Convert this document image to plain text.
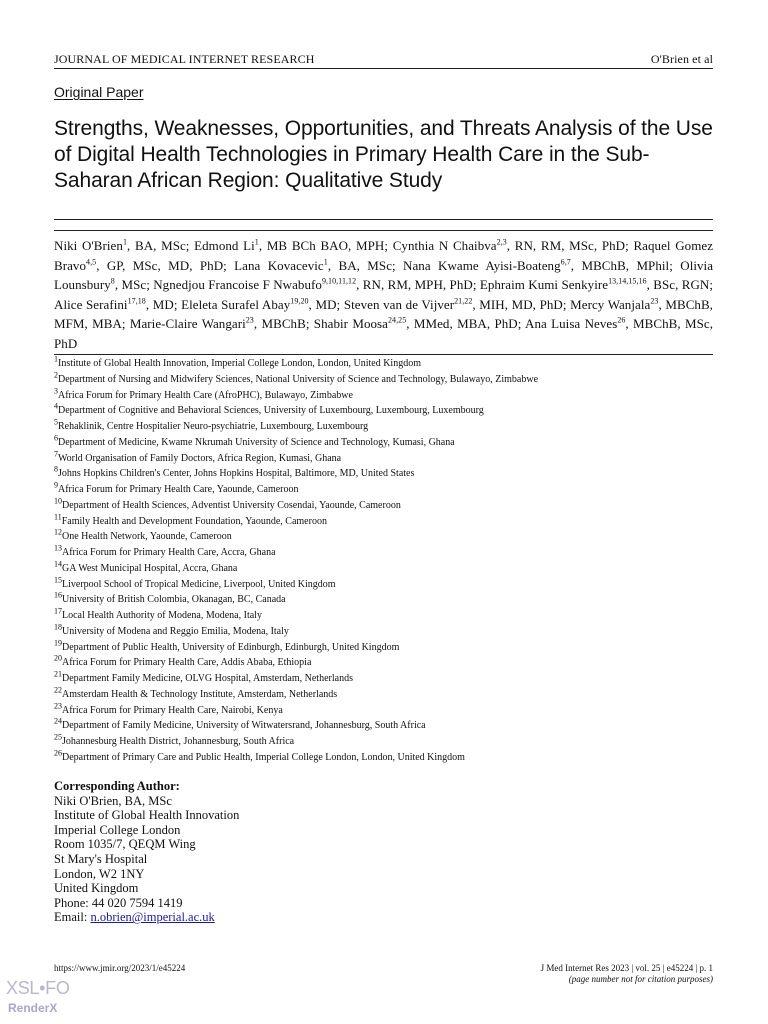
JOURNAL OF MEDICAL INTERNET RESEARCH	O'Brien et al
Original Paper
Strengths, Weaknesses, Opportunities, and Threats Analysis of the Use of Digital Health Technologies in Primary Health Care in the Sub-Saharan African Region: Qualitative Study
Niki O'Brien$^1$, BA, MSc; Edmond Li$^1$, MB BCh BAO, MPH; Cynthia N Chaibva$^{2,3}$, RN, RM, MSc, PhD; Raquel Gomez Bravo$^{4,5}$, GP, MSc, MD, PhD; Lana Kovacevic$^1$, BA, MSc; Nana Kwame Ayisi-Boateng$^{6,7}$, MBChB, MPhil; Olivia Lounsbury$^8$, MSc; Ngnedjou Francoise F Nwabufo$^{9,10,11,12}$, RN, RM, MPH, PhD; Ephraim Kumi Senkyire$^{13,14,15,16}$, BSc, RGN; Alice Serafini$^{17,18}$, MD; Eleleta Surafel Abay$^{19,20}$, MD; Steven van de Vijver$^{21,22}$, MIH, MD, PhD; Mercy Wanjala$^{23}$, MBChB, MFM, MBA; Marie-Claire Wangari$^{23}$, MBChB; Shabir Moosa$^{24,25}$, MMed, MBA, PhD; Ana Luisa Neves$^{26}$, MBChB, MSc, PhD
$^1$Institute of Global Health Innovation, Imperial College London, London, United Kingdom
$^2$Department of Nursing and Midwifery Sciences, National University of Science and Technology, Bulawayo, Zimbabwe
$^3$Africa Forum for Primary Health Care (AfroPHC), Bulawayo, Zimbabwe
$^4$Department of Cognitive and Behavioral Sciences, University of Luxembourg, Luxembourg, Luxembourg
$^5$Rehaklinik, Centre Hospitalier Neuro-psychiatrie, Luxembourg, Luxembourg
$^6$Department of Medicine, Kwame Nkrumah University of Science and Technology, Kumasi, Ghana
$^7$World Organisation of Family Doctors, Africa Region, Kumasi, Ghana
$^8$Johns Hopkins Children's Center, Johns Hopkins Hospital, Baltimore, MD, United States
$^9$Africa Forum for Primary Health Care, Yaounde, Cameroon
$^{10}$Department of Health Sciences, Adventist University Cosendai, Yaounde, Cameroon
$^{11}$Family Health and Development Foundation, Yaounde, Cameroon
$^{12}$One Health Network, Yaounde, Cameroon
$^{13}$Africa Forum for Primary Health Care, Accra, Ghana
$^{14}$GA West Municipal Hospital, Accra, Ghana
$^{15}$Liverpool School of Tropical Medicine, Liverpool, United Kingdom
$^{16}$University of British Colombia, Okanagan, BC, Canada
$^{17}$Local Health Authority of Modena, Modena, Italy
$^{18}$University of Modena and Reggio Emilia, Modena, Italy
$^{19}$Department of Public Health, University of Edinburgh, Edinburgh, United Kingdom
$^{20}$Africa Forum for Primary Health Care, Addis Ababa, Ethiopia
$^{21}$Department Family Medicine, OLVG Hospital, Amsterdam, Netherlands
$^{22}$Amsterdam Health & Technology Institute, Amsterdam, Netherlands
$^{23}$Africa Forum for Primary Health Care, Nairobi, Kenya
$^{24}$Department of Family Medicine, University of Witwatersrand, Johannesburg, South Africa
$^{25}$Johannesburg Health District, Johannesburg, South Africa
$^{26}$Department of Primary Care and Public Health, Imperial College London, London, United Kingdom
Corresponding Author:
Niki O'Brien, BA, MSc
Institute of Global Health Innovation
Imperial College London
Room 1035/7, QEQM Wing
St Mary's Hospital
London, W2 1NY
United Kingdom
Phone: 44 020 7594 1419
Email: n.obrien@imperial.ac.uk
https://www.jmir.org/2023/1/e45224	J Med Internet Res 2023 | vol. 25 | e45224 | p. 1
(page number not for citation purposes)
XSL•FO
RenderX
